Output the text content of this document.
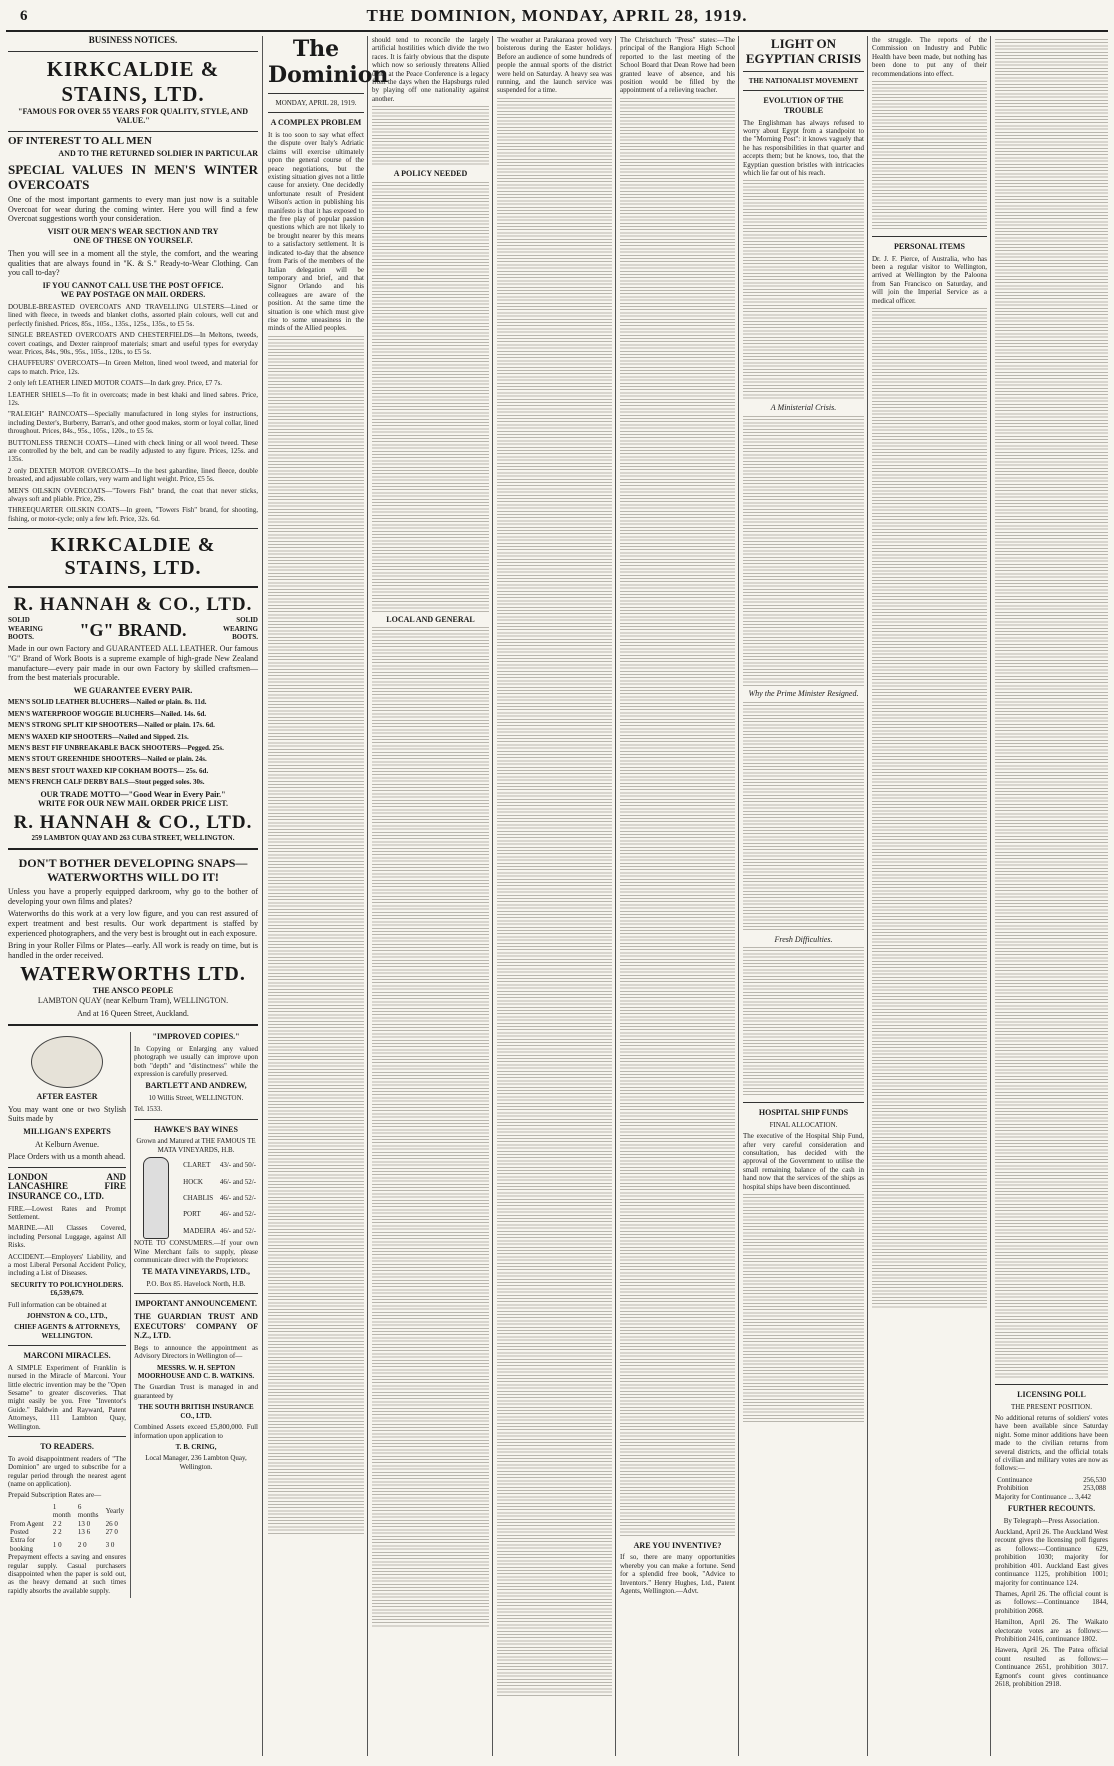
6	THE DOMINION, MONDAY, APRIL 28, 1919.
BUSINESS NOTICES.
KIRKCALDIE & STAINS, LTD.
"FAMOUS FOR OVER 55 YEARS FOR QUALITY, STYLE, AND VALUE."
OF INTEREST TO ALL MEN
AND TO THE RETURNED SOLDIER IN PARTICULAR
SPECIAL VALUES IN MEN'S WINTER OVERCOATS
One of the most important garments to every man just now is a suitable Overcoat for wear during the coming winter. Here you will find a few Overcoat suggestions worth your consideration.
VISIT OUR MEN'S WEAR SECTION AND TRY
ONE OF THESE ON YOURSELF.
Then you will see in a moment all the style, the comfort, and the wearing qualities that are always found in "K. & S." Ready-to-Wear Clothing. Can you call to-day?
IF YOU CANNOT CALL USE THE POST OFFICE.
WE PAY POSTAGE ON MAIL ORDERS.
DOUBLE-BREASTED OVERCOATS AND TRAVELLING ULSTERS—Lined or lined with fleece, in tweeds and blanket cloths, assorted plain colours, well cut and perfectly finished. Prices, 85s., 105s., 135s., 125s., 135s., to £5 5s.
SINGLE BREASTED OVERCOATS AND CHESTERFIELDS—In Meltons, tweeds, covert coatings, and Dexter rainproof materials; smart and useful types for everyday wear. Prices, 84s., 90s., 95s., 105s., 120s., to £5 5s.
CHAUFFEURS' OVERCOATS—In Green Melton, lined wool tweed, and material for caps to match. Price, 12s.
2 only left LEATHER LINED MOTOR COATS—In dark grey. Price, £7 7s.
LEATHER SHIELS—To fit in overcoats; made in best khaki and lined sabres. Price, 12s.
"RALEIGH" RAINCOATS—Specially manufactured in long styles for instructions, including Dexter's, Burberry, Barran's, and other good makes, storm or loyal collar, lined throughout. Prices, 84s., 95s., 105s., 120s., to £5 5s.
BUTTONLESS TRENCH COATS—Lined with check lining or all wool tweed. These are controlled by the belt, and can be readily adjusted to any figure. Prices, 125s. and 135s.
2 only DEXTER MOTOR OVERCOATS—In the best gabardine, lined fleece, double breasted, and adjustable collars, very warm and light weight. Price, £5 5s.
MEN'S OILSKIN OVERCOATS—"Towers Fish" brand, the coat that never sticks, always soft and pliable. Price, 29s.
THREEQUARTER OILSKIN COATS—In green, "Towers Fish" brand, for shooting, fishing, or motor-cycle; only a few left. Price, 32s. 6d.
KIRKCALDIE & STAINS, LTD.
R. HANNAH & CO., LTD.
SOLID WEARING BOOTS.	"G" BRAND.	SOLID WEARING BOOTS.
Made in our own Factory and GUARANTEED ALL LEATHER. Our famous "G" Brand of Work Boots is a supreme example of high-grade New Zealand manufacture—every pair made in our own Factory by skilled craftsmen—from the best materials procurable.
WE GUARANTEE EVERY PAIR.
MEN'S SOLID LEATHER BLUCHERS—Nailed or plain. 8s. 11d.
MEN'S WATERPROOF WOGGIE BLUCHERS—Nailed. 14s. 6d.
MEN'S STRONG SPLIT KIP SHOOTERS—Nailed or plain. 17s. 6d.
MEN'S WAXED KIP SHOOTERS—Nailed and Sipped. 21s.
MEN'S BEST FIF UNBREAKABLE BACK SHOOTERS—Pegged. 25s.
MEN'S STOUT GREENHIDE SHOOTERS—Nailed or plain. 24s.
MEN'S BEST STOUT WAXED KIP COKHAM BOOTS— 25s. 6d.
MEN'S FRENCH CALF DERBY BALS—Stout pegged soles. 30s.
OUR TRADE MOTTO—"Good Wear in Every Pair."
WRITE FOR OUR NEW MAIL ORDER PRICE LIST.
R. HANNAH & CO., LTD.
259 LAMBTON QUAY AND 263 CUBA STREET, WELLINGTON.
DON'T BOTHER DEVELOPING SNAPS—WATERWORTHS WILL DO IT!
Unless you have a properly equipped darkroom, why go to the bother of developing your own films and plates?
Waterworths do this work at a very low figure, and you can rest assured of expert treatment and best results. Our work department is staffed by experienced photographers, and the very best is brought out in each exposure.
Bring in your Roller Films or Plates—early. All work is ready on time, but is handled in the order received.
WATERWORTHS LTD.
THE ANSCO PEOPLE
LAMBTON QUAY (near Kelburn Tram), WELLINGTON.
And at 16 Queen Street, Auckland.
AFTER EASTER
You may want one or two Stylish Suits made by
MILLIGAN'S EXPERTS
At Kelburn Avenue.
Place Orders with us a month ahead.
LONDON AND LANCASHIRE FIRE INSURANCE CO., LTD.
FIRE.—Lowest Rates and Prompt Settlement.
MARINE.—All Classes Covered, including Personal Luggage, against All Risks.
ACCIDENT.—Employers' Liability, and a most Liberal Personal Accident Policy, including a List of Diseases.
SECURITY TO POLICYHOLDERS. £6,539,679.
Full information can be obtained at
JOHNSTON & CO., LTD.,
CHIEF AGENTS & ATTORNEYS, WELLINGTON.
MARCONI MIRACLES.
A SIMPLE Experiment of Franklin is nursed in the Miracle of Marconi. Your little electric invention may be the "Open Sesame" to greater discoveries. That might easily be you. Free "Inventor's Guide." Baldwin and Rayward, Patent Attorneys, 111 Lambton Quay, Wellington.
TO READERS.
To avoid disappointment readers of "The Dominion" are urged to subscribe for a regular period through the nearest agent (name on application).
Prepaid Subscription Rates are—
	1 month	6 months	Yearly
From Agent	2 2	13 0	26 0
Posted	2 2	13 6	27 0
Extra for booking	1 0	2 0	3 0
Prepayment effects a saving and ensures regular supply. Casual purchasers disappointed when the paper is sold out, as the heavy demand at such times rapidly absorbs the available supply.
"IMPROVED COPIES."
In Copying or Enlarging any valued photograph we usually can improve upon both "depth" and "distinctness" while the expression is carefully preserved.
BARTLETT AND ANDREW,
10 Willis Street, WELLINGTON.
Tel. 1533.
HAWKE'S BAY WINES
Grown and Matured at THE FAMOUS TE MATA VINEYARDS, H.B.
CLARET	43/- and 50/-
HOCK	46/- and 52/-
CHABLIS	46/- and 52/-
PORT	46/- and 52/-
MADEIRA	46/- and 52/-
NOTE TO CONSUMERS.—If your own Wine Merchant fails to supply, please communicate direct with the Proprietors:
TE MATA VINEYARDS, LTD.,
P.O. Box 85. Havelock North, H.B.
IMPORTANT ANNOUNCEMENT.
THE GUARDIAN TRUST AND EXECUTORS' COMPANY OF N.Z., LTD.
Begs to announce the appointment as Advisory Directors in Wellington of—
MESSRS. W. H. SEPTON MOORHOUSE AND C. B. WATKINS.
The Guardian Trust is managed in and guaranteed by
THE SOUTH BRITISH INSURANCE CO., LTD.
Combined Assets exceed £5,800,000. Full information upon application to
T. B. CRING,
Local Manager, 236 Lambton Quay, Wellington.
The Dominion
MONDAY, APRIL 28, 1919.
A COMPLEX PROBLEM
It is too soon to say what effect the dispute over Italy's Adriatic claims will exercise ultimately upon the general course of the peace negotiations, but the existing situation gives not a little cause for anxiety. One decidedly unfortunate result of President Wilson's action in publishing his manifesto is that it has exposed to the free play of popular passion questions which are not likely to be brought nearer by this means to a satisfactory settlement. It is indicated to-day that the absence from Paris of the members of the Italian delegation will be temporary and brief, and that Signor Orlando and his colleagues are aware of the position. At the same time the situation is one which must give rise to some uneasiness in the minds of the Allied peoples.
should tend to reconcile the largely artificial hostilities which divide the two races. It is fairly obvious that the dispute which now so seriously threatens Allied unity at the Peace Conference is a legacy from the days when the Hapsburgs ruled by playing off one nationality against another.
A POLICY NEEDED
LOCAL AND GENERAL
The weather at Parakaraoa proved very boisterous during the Easter holidays. Before an audience of some hundreds of people the annual sports of the district were held on Saturday. A heavy sea was running, and the launch service was suspended for a time.
The Christchurch "Press" states:—The principal of the Rangiora High School reported to the last meeting of the School Board that Dean Rowe had been granted leave of absence, and his position would be filled by the appointment of a relieving teacher.
ARE YOU INVENTIVE?
If so, there are many opportunities whereby you can make a fortune. Send for a splendid free book, "Advice to Inventors." Henry Hughes, Ltd., Patent Agents, Wellington.—Advt.
LIGHT ON EGYPTIAN CRISIS
THE NATIONALIST MOVEMENT
EVOLUTION OF THE TROUBLE
The Englishman has always refused to worry about Egypt from a standpoint to the "Morning Post": it knows vaguely that he has responsibilities in that quarter and accepts them; but he knows, too, that the Egyptian question bristles with intricacies which lie far out of his reach.
A Ministerial Crisis.
Why the Prime Minister Resigned.
Fresh Difficulties.
HOSPITAL SHIP FUNDS
FINAL ALLOCATION.
The executive of the Hospital Ship Fund, after very careful consideration and consultation, has decided with the approval of the Government to utilise the small remaining balance of the cash in hand now that the services of the ships as hospital ships have been discontinued.
the struggle. The reports of the Commission on Industry and Public Health have been made, but nothing has been done to put any of their recommendations into effect.
PERSONAL ITEMS
Dr. J. F. Pierce, of Australia, who has been a regular visitor to Wellington, arrived at Wellington by the Paloona from San Francisco on Saturday, and will join the Imperial Service as a medical officer.
LICENSING POLL
THE PRESENT POSITION.
No additional returns of soldiers' votes have been available since Saturday night. Some minor additions have been made to the civilian returns from several districts, and the official totals of civilian and military votes are now as follows:—
Continuance	256,530
Prohibition	253,088
Majority for Continuance ... 3,442
FURTHER RECOUNTS.
By Telegraph—Press Association.
Auckland, April 26. The Auckland West recount gives the licensing poll figures as follows:—Continuance 629, prohibition 1030; majority for prohibition 401. Auckland East gives continuance 1125, prohibition 1001; majority for continuance 124.
Thames, April 26. The official count is as follows:—Continuance 1844, prohibition 2068.
Hamilton, April 26. The Waikato electorate votes are as follows:—Prohibition 2416, continuance 1802.
Hawera, April 26. The Patea official count resulted as follows:—Continuance 2651, prohibition 3017. Egmont's count gives continuance 2618, prohibition 2918.
